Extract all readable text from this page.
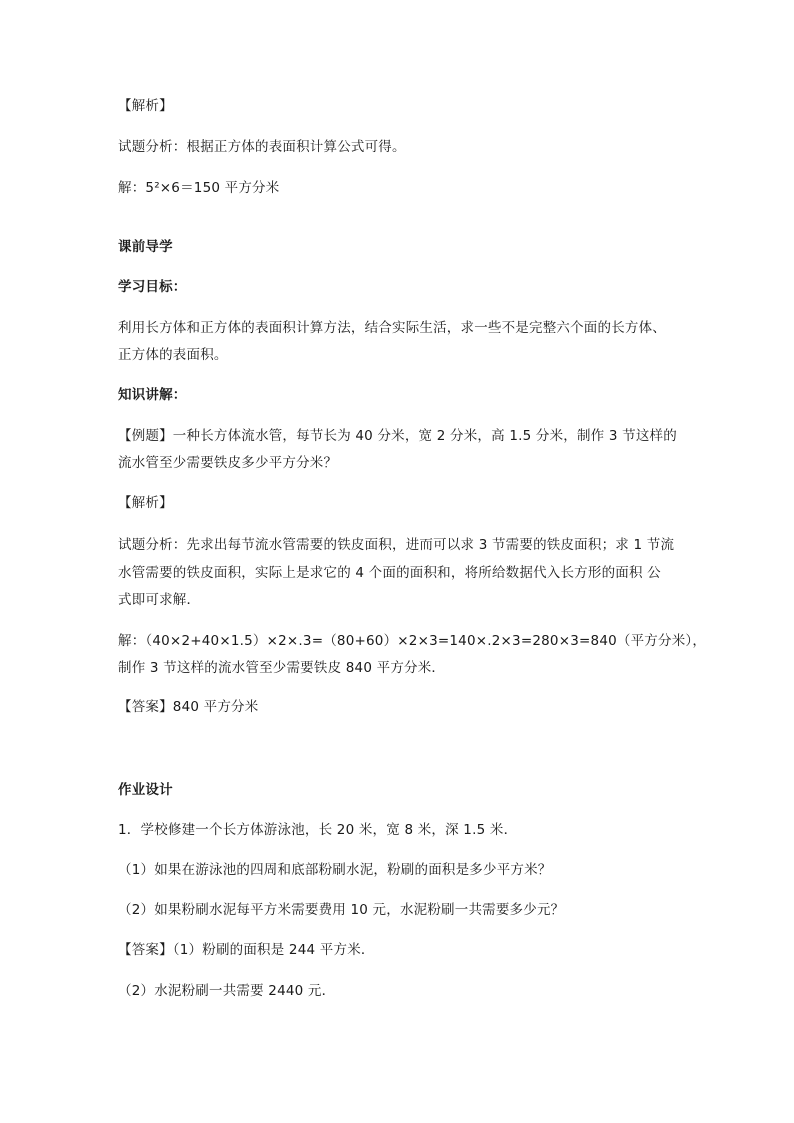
【解析】
试题分析：根据正方体的表面积计算公式可得。
解：5²×6＝150 平方分米
课前导学
学习目标：
利用长方体和正方体的表面积计算方法，结合实际生活，求一些不是完整六个面的长方体、
正方体的表面积。
知识讲解：
【例题】一种长方体流水管，每节长为 40 分米，宽 2 分米，高 1.5 分米，制作 3 节这样的
流水管至少需要铁皮多少平方分米？
【解析】
试题分析：先求出每节流水管需要的铁皮面积，进而可以求 3 节需要的铁皮面积；求 1 节流
水管需要的铁皮面积，实际上是求它的 4 个面的面积和，将所给数据代入长方形的面积 公
式即可求解．
解：（40×2+40×1.5）×2×.3=（80+60）×2×3=140×.2×3=280×3=840（平方分米），
制作 3 节这样的流水管至少需要铁皮 840 平方分米．
【答案】840 平方分米
作业设计
1．学校修建一个长方体游泳池，长 20 米，宽 8 米，深 1.5 米．
（1）如果在游泳池的四周和底部粉刷水泥，粉刷的面积是多少平方米？
（2）如果粉刷水泥每平方米需要费用 10 元，水泥粉刷一共需要多少元？
【答案】（1）粉刷的面积是 244 平方米．
（2）水泥粉刷一共需要 2440 元．
